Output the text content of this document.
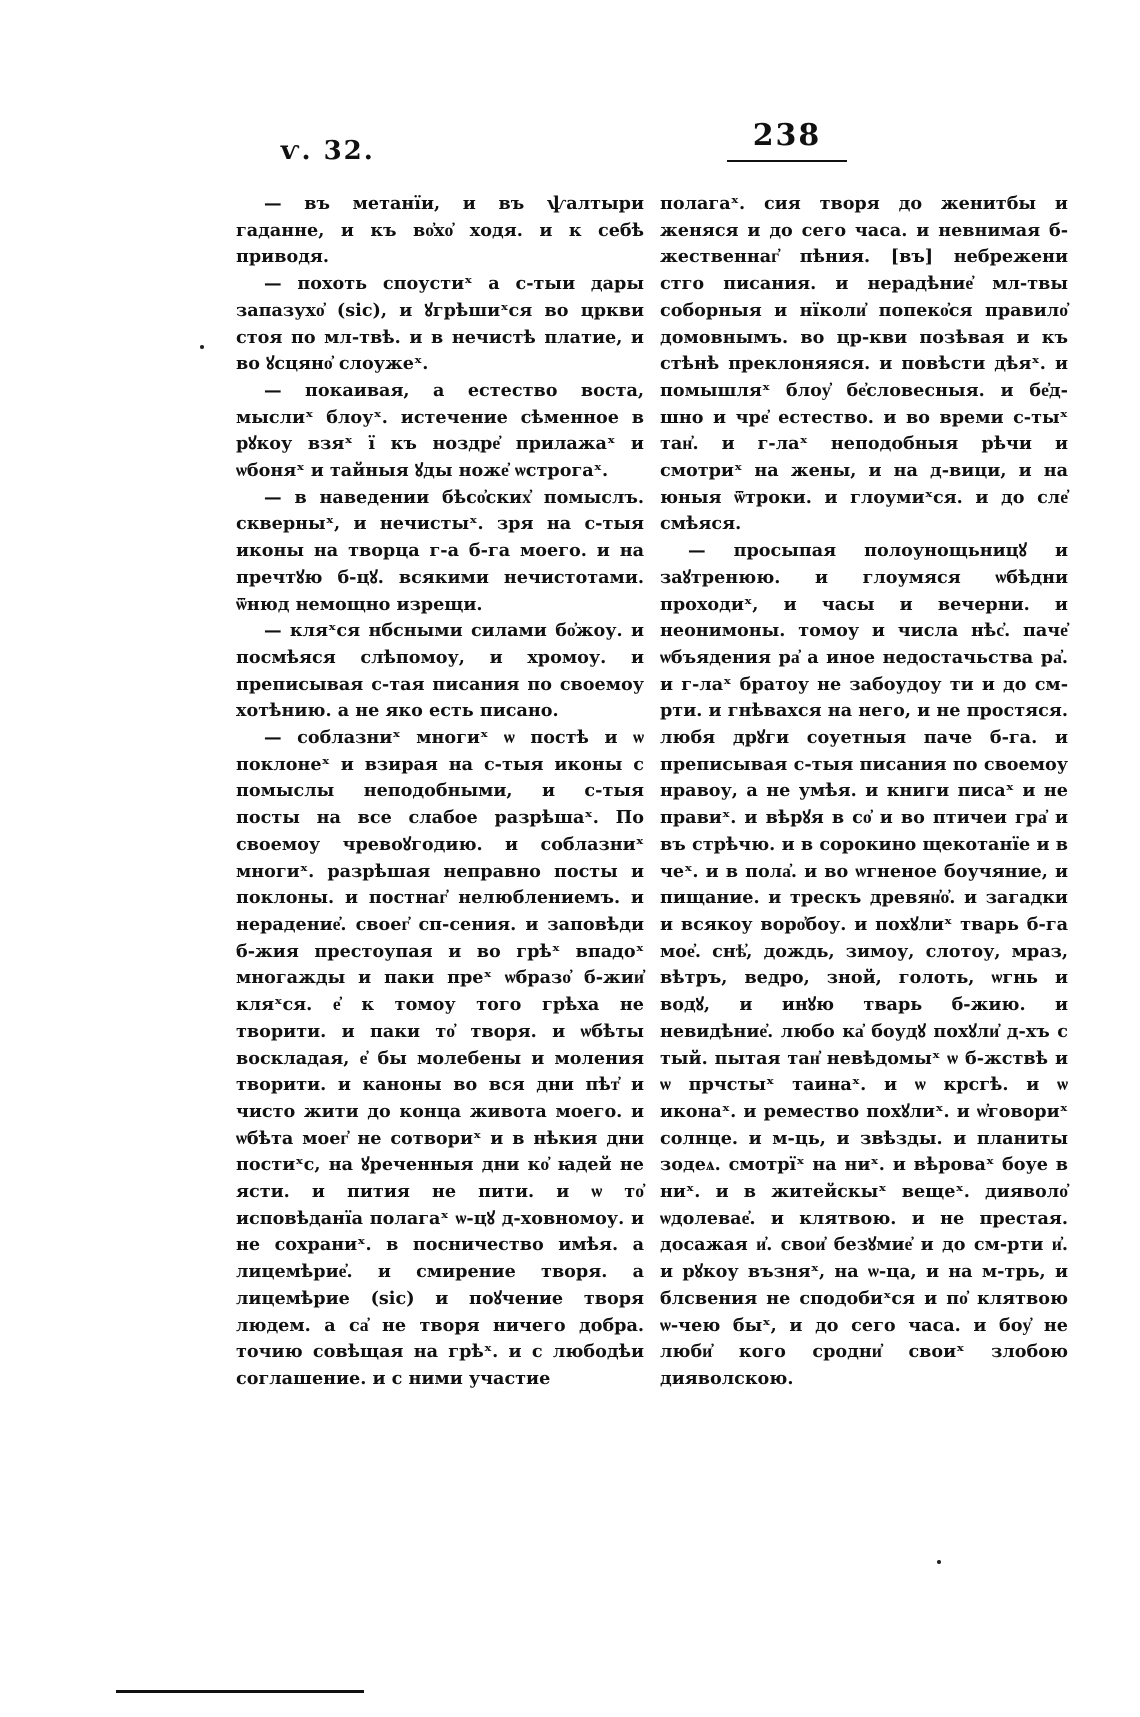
ѵ. 32.	238

— въ метанїи, и въ ѱалтыри гаданне, и къ во҆хо҆ ходя. и к себѣ приводя.

— похоть споустиˣ а с-тыи дары запазухо҆ (sic), и ꙋгрѣшиˣся во цркви стоя по мл-твѣ. и в нечистѣ платие, и во ꙋсцяно҆ слоужеˣ.

— покаивая, а естество воста, мыслиˣ блоуˣ. истечение сѣменное в рꙋкоу взяˣ ї къ ноздре҆ прилажаˣ и ѡбоняˣ и тайныя ꙋды ноже҆ ѡстрогаˣ.

— в наведении бѣсо҆ских҆ помыслъ. скверныˣ, и нечистыˣ. зря на с-тыя иконы на творца г-а б-га моего. и на пречтꙋю б-цꙋ. всякими нечистотами. ѿнюд немощно изрещи.

— кляˣся нбсными силами бо҆жоу. и посмѣяся слѣпомоу, и хромоу. и преписывая с-тая писания по своемоу хотѣнию. а не яко есть писано.

— соблазниˣ многиˣ ѡ постѣ и ѡ поклонеˣ и взирая на с-тыя иконы с помыслы неподобными, и с-тыя посты на все слабое разрѣшаˣ. По своемоу чревоꙋгодию. и соблазниˣ многиˣ. разрѣшая неправно посты и поклоны. и постнаг҆ нелюблениемъ. и нерадение҆. своег҆ сп-сения. и заповѣди б-жия престоупая и во грѣˣ впадоˣ многажды и паки преˣ ѡбразо҆ б-жии҆ кляˣся. е҆ к томоу того грѣха не творити. и паки то҆ творя. и ѡбѣты воскладая, е҆ бы молебены и моления творити. и каноны во вся дни пѣт҆ и чисто жити до конца живота моего. и ѡбѣта моег҆ не сотвориˣ и в нѣкия дни постиˣс, на ꙋреченныя дни ко҆ ꙗдей не ясти. и пития не пити. и ѡ то҆ исповѣданїа полагаˣ ѡ-цꙋ д-ховномоу. и не сохраниˣ. в посничество имѣя. а лицемѣрие҆. и смирение творя. а лицемѣрие (sic) и поꙋчение творя людем. а са҆ не творя ничего добра. точию совѣщая на грѣˣ. и с любодѣи соглашение. и с ними участие

полагаˣ. сия творя до женитбы и женяся и до сего часа. и невнимая б-жественнаг҆ пѣния. [въ] небрежени стго писания. и нерадѣние҆ мл-твы соборныя и нїколи҆ попеко҆ся правило҆ домовнымъ. во цр-кви позѣвая и къ стѣнѣ преклоняяся. и повѣсти дѣяˣ. и помышляˣ блоу҆ бе҆словесныя. и бе҆д-шно и чре҆ естество. и во времи с-тыˣ тан҆. и г-лаˣ неподобныя рѣчи и смотриˣ на жены, и на д-вици, и на юныя ѿтроки. и глоумиˣся. и до сле҆ смѣяся.

— просыпая полоунощьницꙋ и заꙋтренюю. и глоумяся ѡбѣдни проходиˣ, и часы и вечерни. и неонимоны. томоу и числа нѣс҆. паче҆ ѡбъядения ра҆ а иное недостачьства ра҆. и г-лаˣ братоу не забоудоу ти и до см-рти. и гнѣвахся на него, и не простяся. любя дрꙋги соуетныя паче б-га. и преписывая с-тыя писания по своемоу нравоу, а не умѣя. и книги писаˣ и не правиˣ. и вѣрꙋя в со҆ и во птичеи гра҆ и въ стрѣчю. и в сорокино щекотанїе и в чеˣ. и в пола҆. и во ѡгненое боучяние, и пищание. и трескъ древян҆о҆. и загадки и всякоу воро҆боу. и похꙋлиˣ тварь б-га мое҆. снѣ҆, дождь, зимоу, слотоу, мраз, вѣтръ, ведро, зной, голоть, ѡгнь и водꙋ, и инꙋю тварь б-жию. и невидѣние҆. любо ка҆ боудꙋ похꙋли҆ д-хъ с тый. пытая тан҆ невѣдомыˣ ѡ б-жствѣ и ѡ прчстыˣ таинаˣ. и ѡ крсгѣ. и ѡ иконаˣ. и ремество похꙋлиˣ. и ѡ҆говориˣ солнце. и м-ць, и звѣзды. и планиты зодеѧ. смотрїˣ на ниˣ. и вѣроваˣ боуе в ниˣ. и в житейскыˣ вещеˣ. дияволо҆ ѡдолевае҆. и клятвою. и не престая. досажая и҆. свои҆ безꙋмие҆ и до см-рти и҆. и рꙋкоу възняˣ, на ѡ-ца, и на м-трь, и блсвения не сподобиˣся и по҆ клятвою ѡ-чею быˣ, и до сего часа. и боу҆ не люби҆ кого сродни҆ своиˣ злобою дияволскою.
